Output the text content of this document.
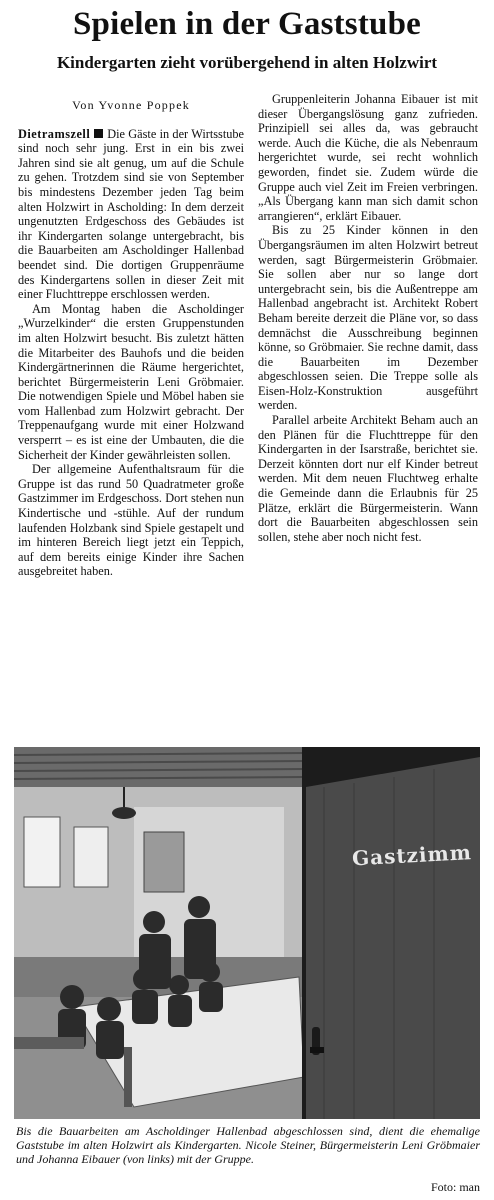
Spielen in der Gaststube
Kindergarten zieht vorübergehend in alten Holzwirt
Von Yvonne Poppek

Dietramszell Die Gäste in der Wirtsstube sind noch sehr jung. Erst in ein bis zwei Jahren sind sie alt genug, um auf die Schule zu gehen. Trotzdem sind sie von September bis mindestens Dezember jeden Tag beim alten Holzwirt in Ascholding: In dem derzeit ungenutzten Erdgeschoss des Gebäudes ist ihr Kindergarten solange untergebracht, bis die Bauarbeiten am Ascholdinger Hallenbad beendet sind. Die dortigen Gruppenräume des Kindergartens sollen in dieser Zeit mit einer Fluchttreppe erschlossen werden.

Am Montag haben die Ascholdinger „Wurzelkinder“ die ersten Gruppenstunden im alten Holzwirt besucht. Bis zuletzt hätten die Mitarbeiter des Bauhofs und die beiden Kindergärtnerinnen die Räume hergerichtet, berichtet Bürgermeisterin Leni Gröbmaier. Die notwendigen Spiele und Möbel haben sie vom Hallenbad zum Holzwirt gebracht. Der Treppenaufgang wurde mit einer Holzwand versperrt – es ist eine der Umbauten, die die Sicherheit der Kinder gewährleisten sollen.

Der allgemeine Aufenthaltsraum für die Gruppe ist das rund 50 Quadratmeter große Gastzimmer im Erdgeschoss. Dort stehen nun Kindertische und -stühle. Auf der rundum laufenden Holzbank sind Spiele gestapelt und im hinteren Bereich liegt jetzt ein Teppich, auf dem bereits einige Kinder ihre Sachen ausgebreitet haben.

Gruppenleiterin Johanna Eibauer ist mit dieser Übergangslösung ganz zufrieden. Prinzipiell sei alles da, was gebraucht werde. Auch die Küche, die als Nebenraum hergerichtet wurde, sei recht wohnlich geworden, findet sie. Zudem würde die Gruppe auch viel Zeit im Freien verbringen. „Als Übergang kann man sich damit schon arrangieren“, erklärt Eibauer.

Bis zu 25 Kinder können in den Übergangsräumen im alten Holzwirt betreut werden, sagt Bürgermeisterin Gröbmaier. Sie sollen aber nur so lange dort untergebracht sein, bis die Außentreppe am Hallenbad angebracht ist. Architekt Robert Beham bereite derzeit die Pläne vor, so dass demnächst die Ausschreibung beginnen könne, so Gröbmaier. Sie rechne damit, dass die Bauarbeiten im Dezember abgeschlossen seien. Die Treppe solle als Eisen-Holz-Konstruktion ausgeführt werden.

Parallel arbeite Architekt Beham auch an den Plänen für die Fluchttreppe für den Kindergarten in der Isarstraße, berichtet sie. Derzeit könnten dort nur elf Kinder betreut werden. Mit dem neuen Fluchtweg erhalte die Gemeinde dann die Erlaubnis für 25 Plätze, erklärt die Bürgermeisterin. Wann dort die Bauarbeiten abgeschlossen sein sollen, stehe aber noch nicht fest.

Gastzimm
Bis die Bauarbeiten am Ascholdinger Hallenbad abgeschlossen sind, dient die ehemalige Gaststube im alten Holzwirt als Kindergarten. Nicole Steiner, Bürgermeisterin Leni Gröbmaier und Johanna Eibauer (von links) mit der Gruppe.
Foto: man
